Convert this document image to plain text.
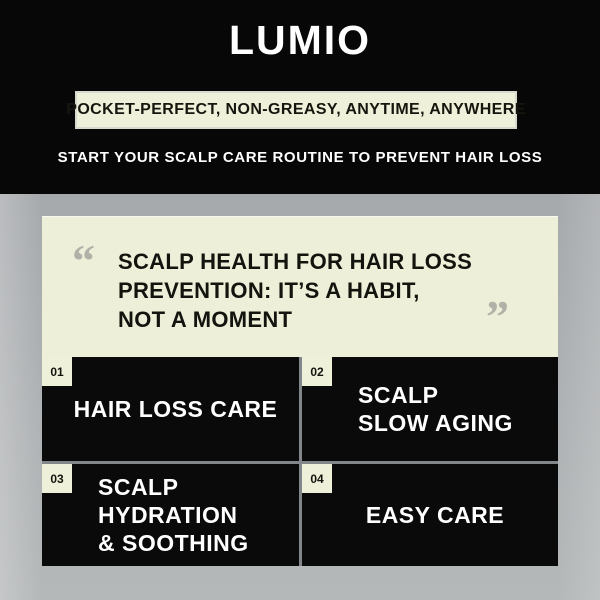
LUMIO
POCKET-PERFECT, NON-GREASY, ANYTIME, ANYWHERE
START YOUR SCALP CARE ROUTINE TO PREVENT HAIR LOSS
“ SCALP HEALTH FOR HAIR LOSS
PREVENTION: IT’S A HABIT,
NOT A MOMENT	”
01
HAIR LOSS CARE
02
SCALP
SLOW AGING
03	SCALP
HYDRATION
& SOOTHING
04
EASY CARE
